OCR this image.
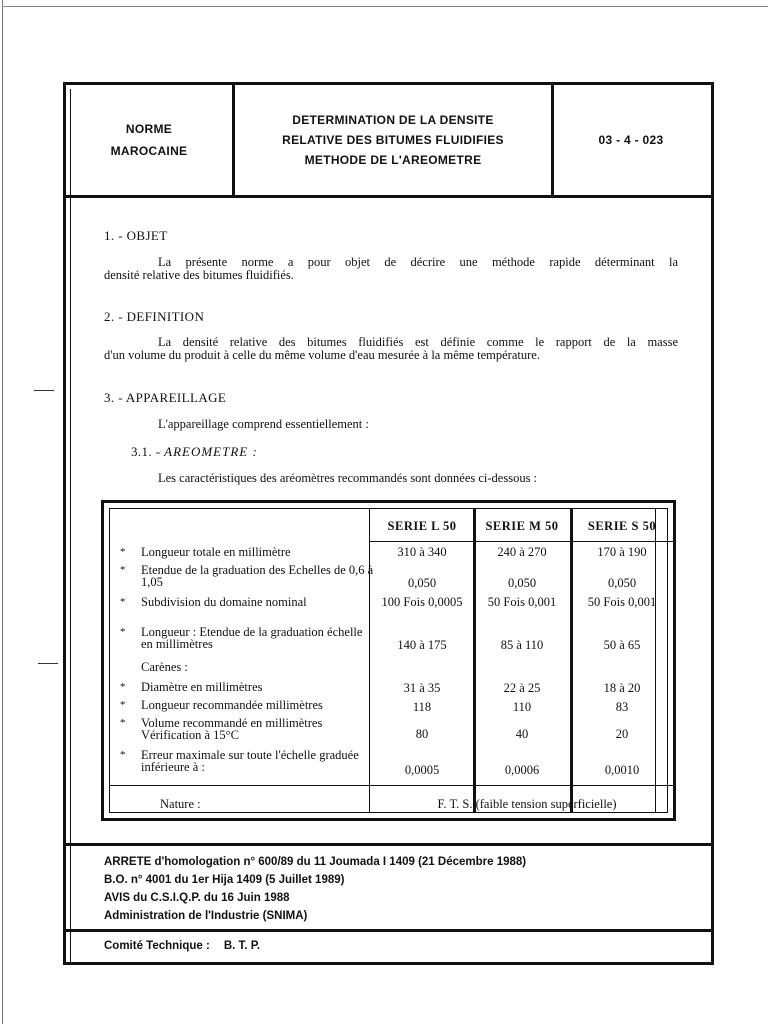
NORME
MAROCAINE
DETERMINATION DE LA DENSITE
RELATIVE DES BITUMES FLUIDIFIES
METHODE DE L'AREOMETRE
03 - 4 - 023
1. - OBJET
La présente norme a pour objet de décrire une méthode rapide déterminant la
densité relative des bitumes fluidifiés.
2. - DEFINITION
La densité relative des bitumes fluidifiés est définie comme le rapport de la masse
d'un volume du produit à celle du même volume d'eau mesurée à la même température.
3. - APPAREILLAGE
L'appareillage comprend essentiellement :
3.1. - AREOMETRE :
Les caractéristiques des aréomètres recommandés sont données ci-dessous :
SERIE L 50	SERIE M 50	SERIE S 50
*	Longueur totale en millimètre	310 à 340	240 à 270	170 à 190
*	Etendue de la graduation des Echelles de 0,6 à 1,05	0,050	0,050	0,050
*	Subdivision du domaine nominal	100 Fois 0,0005	50 Fois 0,001	50 Fois 0,001
*	Longueur : Etendue de la graduation échelle en millimètres	140 à 175	85 à 110	50 à 65
Carènes :
*	Diamètre en millimètres	31 à 35	22 à 25	18 à 20
*	Longueur recommandée millimètres	118	110	83
*	Volume recommandé en millimètres Vérification à 15°C	80	40	20
*	Erreur maximale sur toute l'échelle graduée inférieure à :	0,0005	0,0006	0,0010
Nature :	F. T. S. (faible tension superficielle)
ARRETE d'homologation n° 600/89 du 11 Joumada I 1409 (21 Décembre 1988)
B.O. n° 4001 du 1er Hija 1409 (5 Juillet 1989)
AVIS du C.S.I.Q.P. du 16 Juin 1988
Administration de l'Industrie (SNIMA)
Comité Technique : B. T. P.
